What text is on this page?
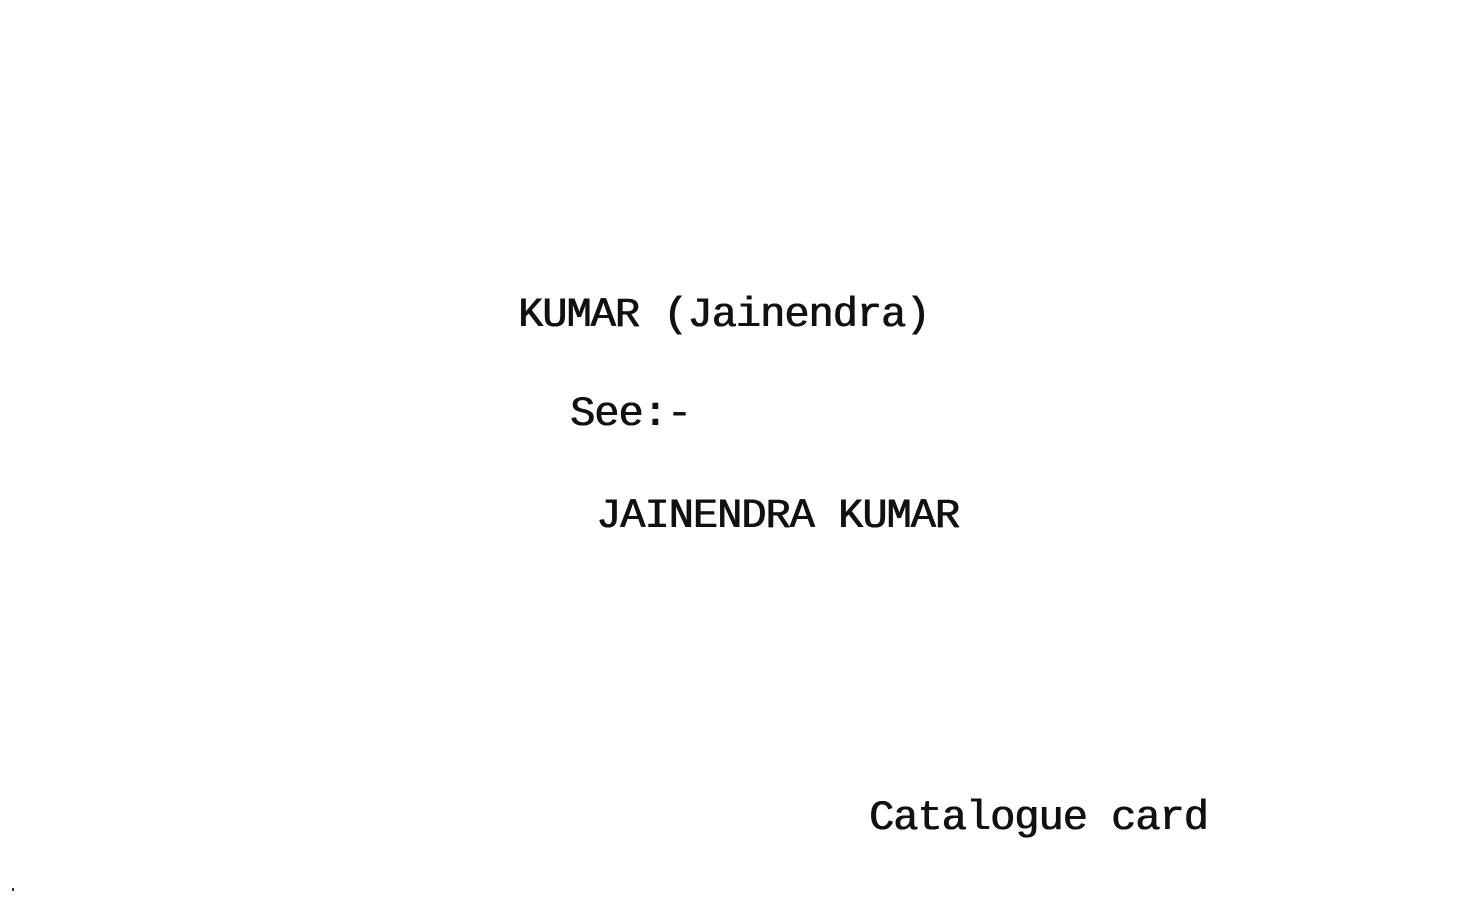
KUMAR (Jainendra)
See:-
JAINENDRA KUMAR
Catalogue card
